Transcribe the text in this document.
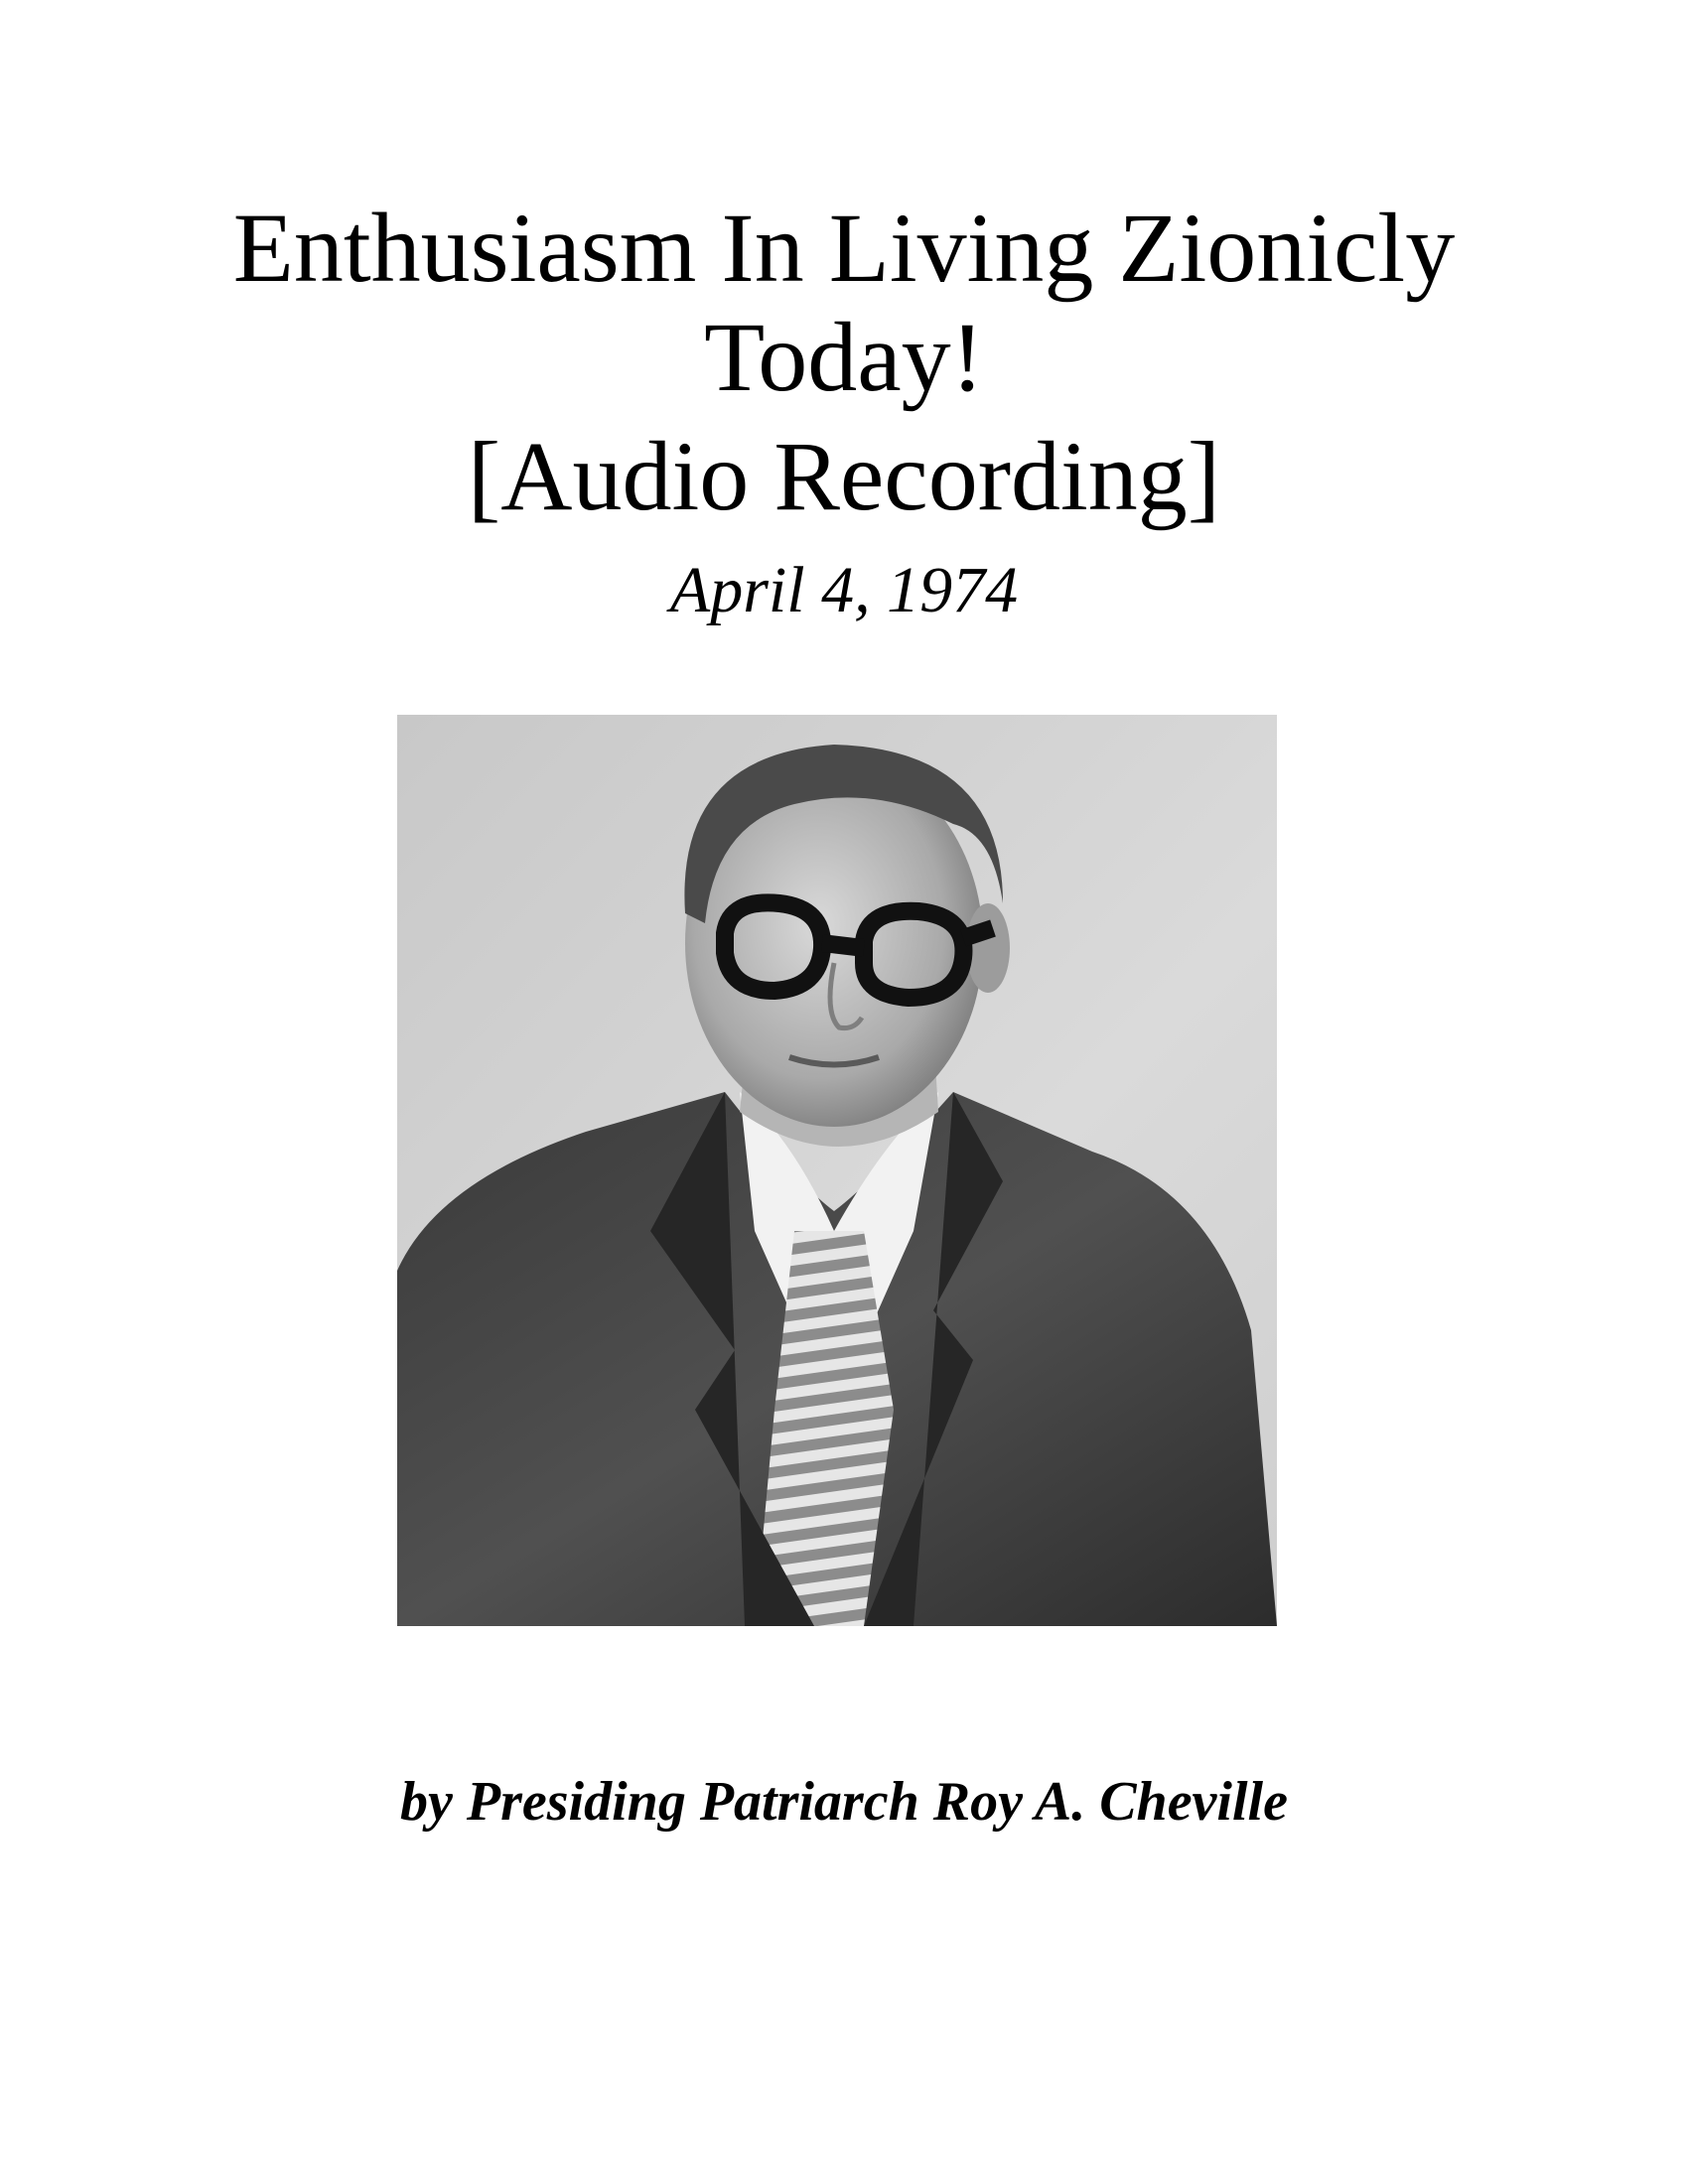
Enthusiasm In Living Zionicly
Today!
[Audio Recording]
April 4, 1974
by Presiding Patriarch Roy A. Cheville
